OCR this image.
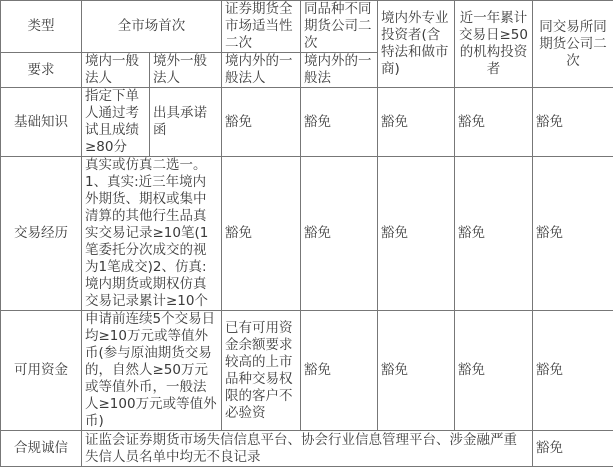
类型	全市场首次		证券期货全市场适当性二次	同品种不同期货公司二次	境内外专业投资者(含特法和做市商)	近一年累计交易日≥50的机构投资者	同交易所同期货公司二次
要求	境内一般法人	境外一般法人	境内外的一般法人	境内外的一般法			
基础知识	指定下单人通过考试且成绩≥80分	出具承诺函	豁免	豁免	豁免	豁免	豁免
交易经历	真实或仿真二选一。1、真实:近三年境内外期货、期权或集中清算的其他行生品真实交易记录≥10笔(1笔委托分次成交的视为1笔成交)2、仿真:境内期货或期权仿真交易记录累计≥10个		豁免	豁免	豁免	豁免	豁免
可用资金	申请前连续5个交易日均≥10万元或等值外币(参与原油期货交易的，自然人≥50万元或等值外币，一般法人≥100万元或等值外币)		已有可用资金余额要求较高的上市品种交易权限的客户不必验资	豁免	豁免	豁免	豁免
合规诚信	证监会证券期货市场失信信息平台、协会行业信息管理平台、涉金融严重失信人员名单中均无不良记录						豁免
